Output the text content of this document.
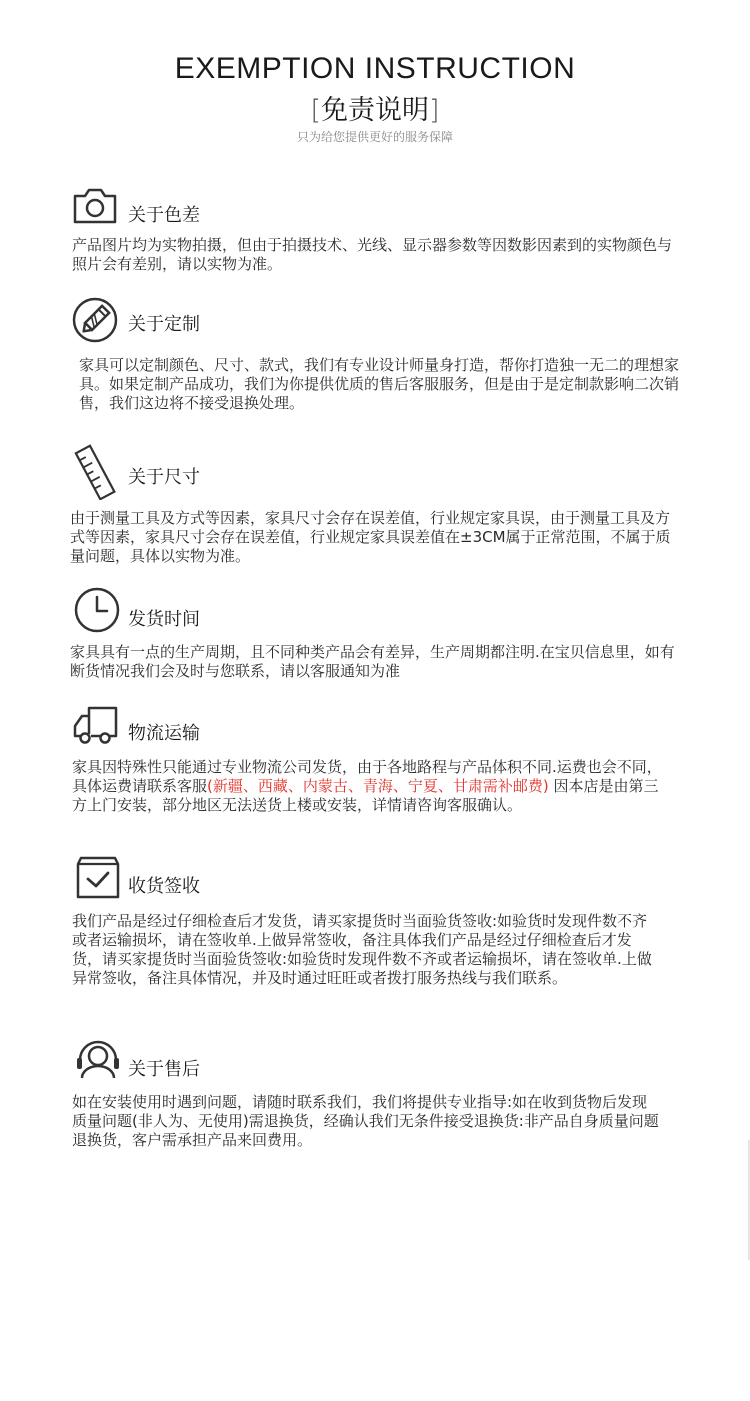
EXEMPTION INSTRUCTION
[免责说明]
只为给您提供更好的服务保障
关于色差
产品图片均为实物拍摄，但由于拍摄技术、光线、显示器参数等因数影因素到的实物颜色与照片会有差别，请以实物为准。
关于定制
家具可以定制颜色、尺寸、款式，我们有专业设计师量身打造，帮你打造独一无二的理想家具。如果定制产品成功，我们为你提供优质的售后客服服务，但是由于是定制款影响二次销售，我们这边将不接受退换处理。
关于尺寸
由于测量工具及方式等因素，家具尺寸会存在误差值，行业规定家具误，由于测量工具及方式等因素，家具尺寸会存在误差值，行业规定家具误差值在±3CM属于正常范围，不属于质量问题，具体以实物为准。
发货时间
家具具有一点的生产周期，且不同种类产品会有差异，生产周期都注明.在宝贝信息里，如有断货情况我们会及时与您联系，请以客服通知为准
物流运输
家具因特殊性只能通过专业物流公司发货，由于各地路程与产品体积不同.运费也会不同，具体运费请联系客服(新疆、西藏、内蒙古、青海、宁夏、甘肃需补邮费) 因本店是由第三方上门安装，部分地区无法送货上楼或安装，详情请咨询客服确认。
收货签收
我们产品是经过仔细检查后才发货，请买家提货时当面验货签收:如验货时发现件数不齐或者运输损坏，请在签收单.上做异常签收，备注具体我们产品是经过仔细检查后才发货，请买家提货时当面验货签收:如验货时发现件数不齐或者运输损坏，请在签收单.上做异常签收，备注具体情况，并及时通过旺旺或者拨打服务热线与我们联系。
关于售后
如在安装使用时遇到问题，请随时联系我们，我们将提供专业指导:如在收到货物后发现质量问题(非人为、无使用)需退换货，经确认我们无条件接受退换货:非产品自身质量问题退换货，客户需承担产品来回费用。
